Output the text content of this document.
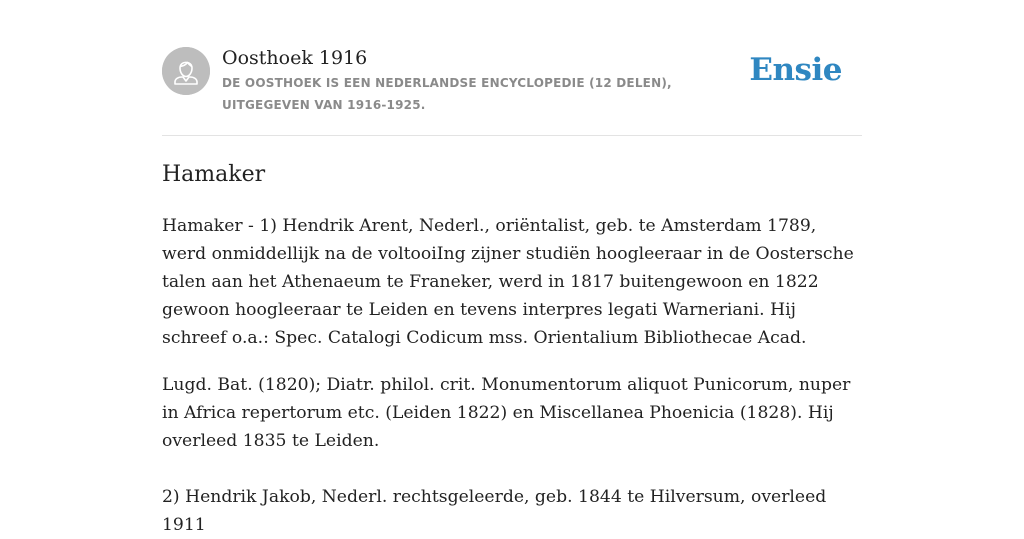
Oosthoek 1916
DE OOSTHOEK IS EEN NEDERLANDSE ENCYCLOPEDIE (12 DELEN), UITGEGEVEN VAN 1916-1925.
Ensie
Hamaker

Hamaker - 1) Hendrik Arent, Nederl., oriëntalist, geb. te Amsterdam 1789, werd onmiddellijk na de voltooiIng zijner studiën hoogleeraar in de Oostersche talen aan het Athenaeum te Franeker, werd in 1817 buitengewoon en 1822 gewoon hoogleeraar te Leiden en tevens interpres legati Warneriani. Hij schreef o.a.: Spec. Catalogi Codicum mss. Orientalium Bibliothecae Acad.

Lugd. Bat. (1820); Diatr. philol. crit. Monumentorum aliquot Punicorum, nuper in Africa repertorum etc. (Leiden 1822) en Miscellanea Phoenicia (1828). Hij overleed 1835 te Leiden.

2) Hendrik Jakob, Nederl. rechtsgeleerde, geb. 1844 te Hilversum, overleed 1911
